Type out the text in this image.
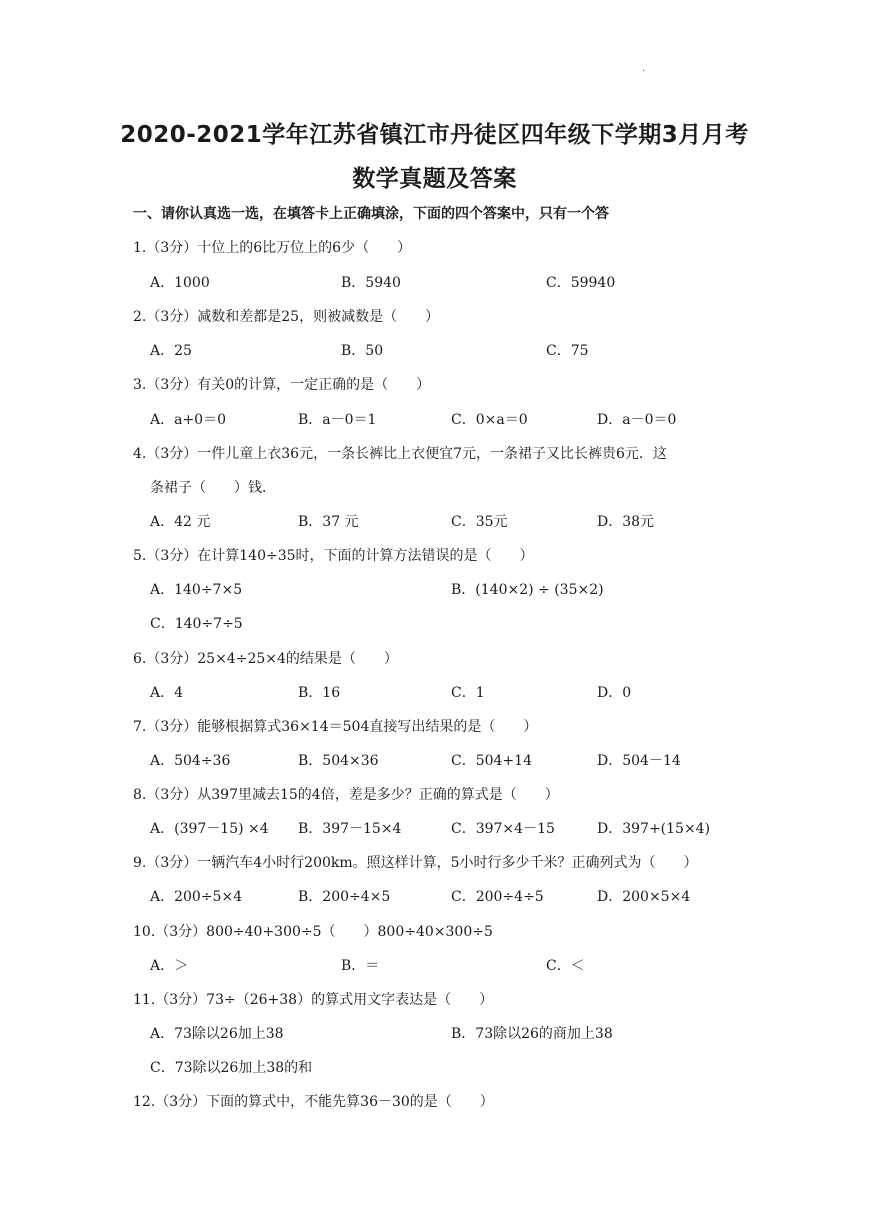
·
2020-2021学年江苏省镇江市丹徒区四年级下学期3月月考
数学真题及答案
一、请你认真选一选，在填答卡上正确填涂，下面的四个答案中，只有一个答
1.（3分）十位上的6比万位上的6少（　　）
A．1000	B．5940	C．59940
2.（3分）减数和差都是25，则被减数是（　　）
A．25	B．50	C．75
3.（3分）有关0的计算，一定正确的是（　　）
A．a+0＝0	B．a－0＝1	C．0×a＝0	D．a－0＝0
4.（3分）一件儿童上衣36元，一条长裤比上衣便宜7元，一条裙子又比长裤贵6元．这
条裙子（　　）钱．
A．42 元	B．37 元	C．35元	D．38元
5.（3分）在计算140÷35时，下面的计算方法错误的是（　　）
A．140÷7×5	B．(140×2) ÷ (35×2)
C．140÷7÷5
6.（3分）25×4÷25×4的结果是（　　）
A．4	B．16	C．1	D．0
7.（3分）能够根据算式36×14＝504直接写出结果的是（　　）
A．504÷36	B．504×36	C．504+14	D．504－14
8.（3分）从397里减去15的4倍，差是多少？正确的算式是（　　）
A．(397－15) ×4 B．397－15×4	C．397×4－15	D．397+(15×4)
9.（3分）一辆汽车4小时行200km。照这样计算，5小时行多少千米？正确列式为（　　）
A．200÷5×4	B．200÷4×5	C．200÷4÷5	D．200×5×4
10.（3分）800÷40+300÷5（　　）800÷40×300÷5
A．＞	B．＝	C．＜
11.（3分）73÷（26+38）的算式用文字表达是（　　）
A．73除以26加上38	B．73除以26的商加上38
C．73除以26加上38的和
12.（3分）下面的算式中，不能先算36－30的是（　　）
